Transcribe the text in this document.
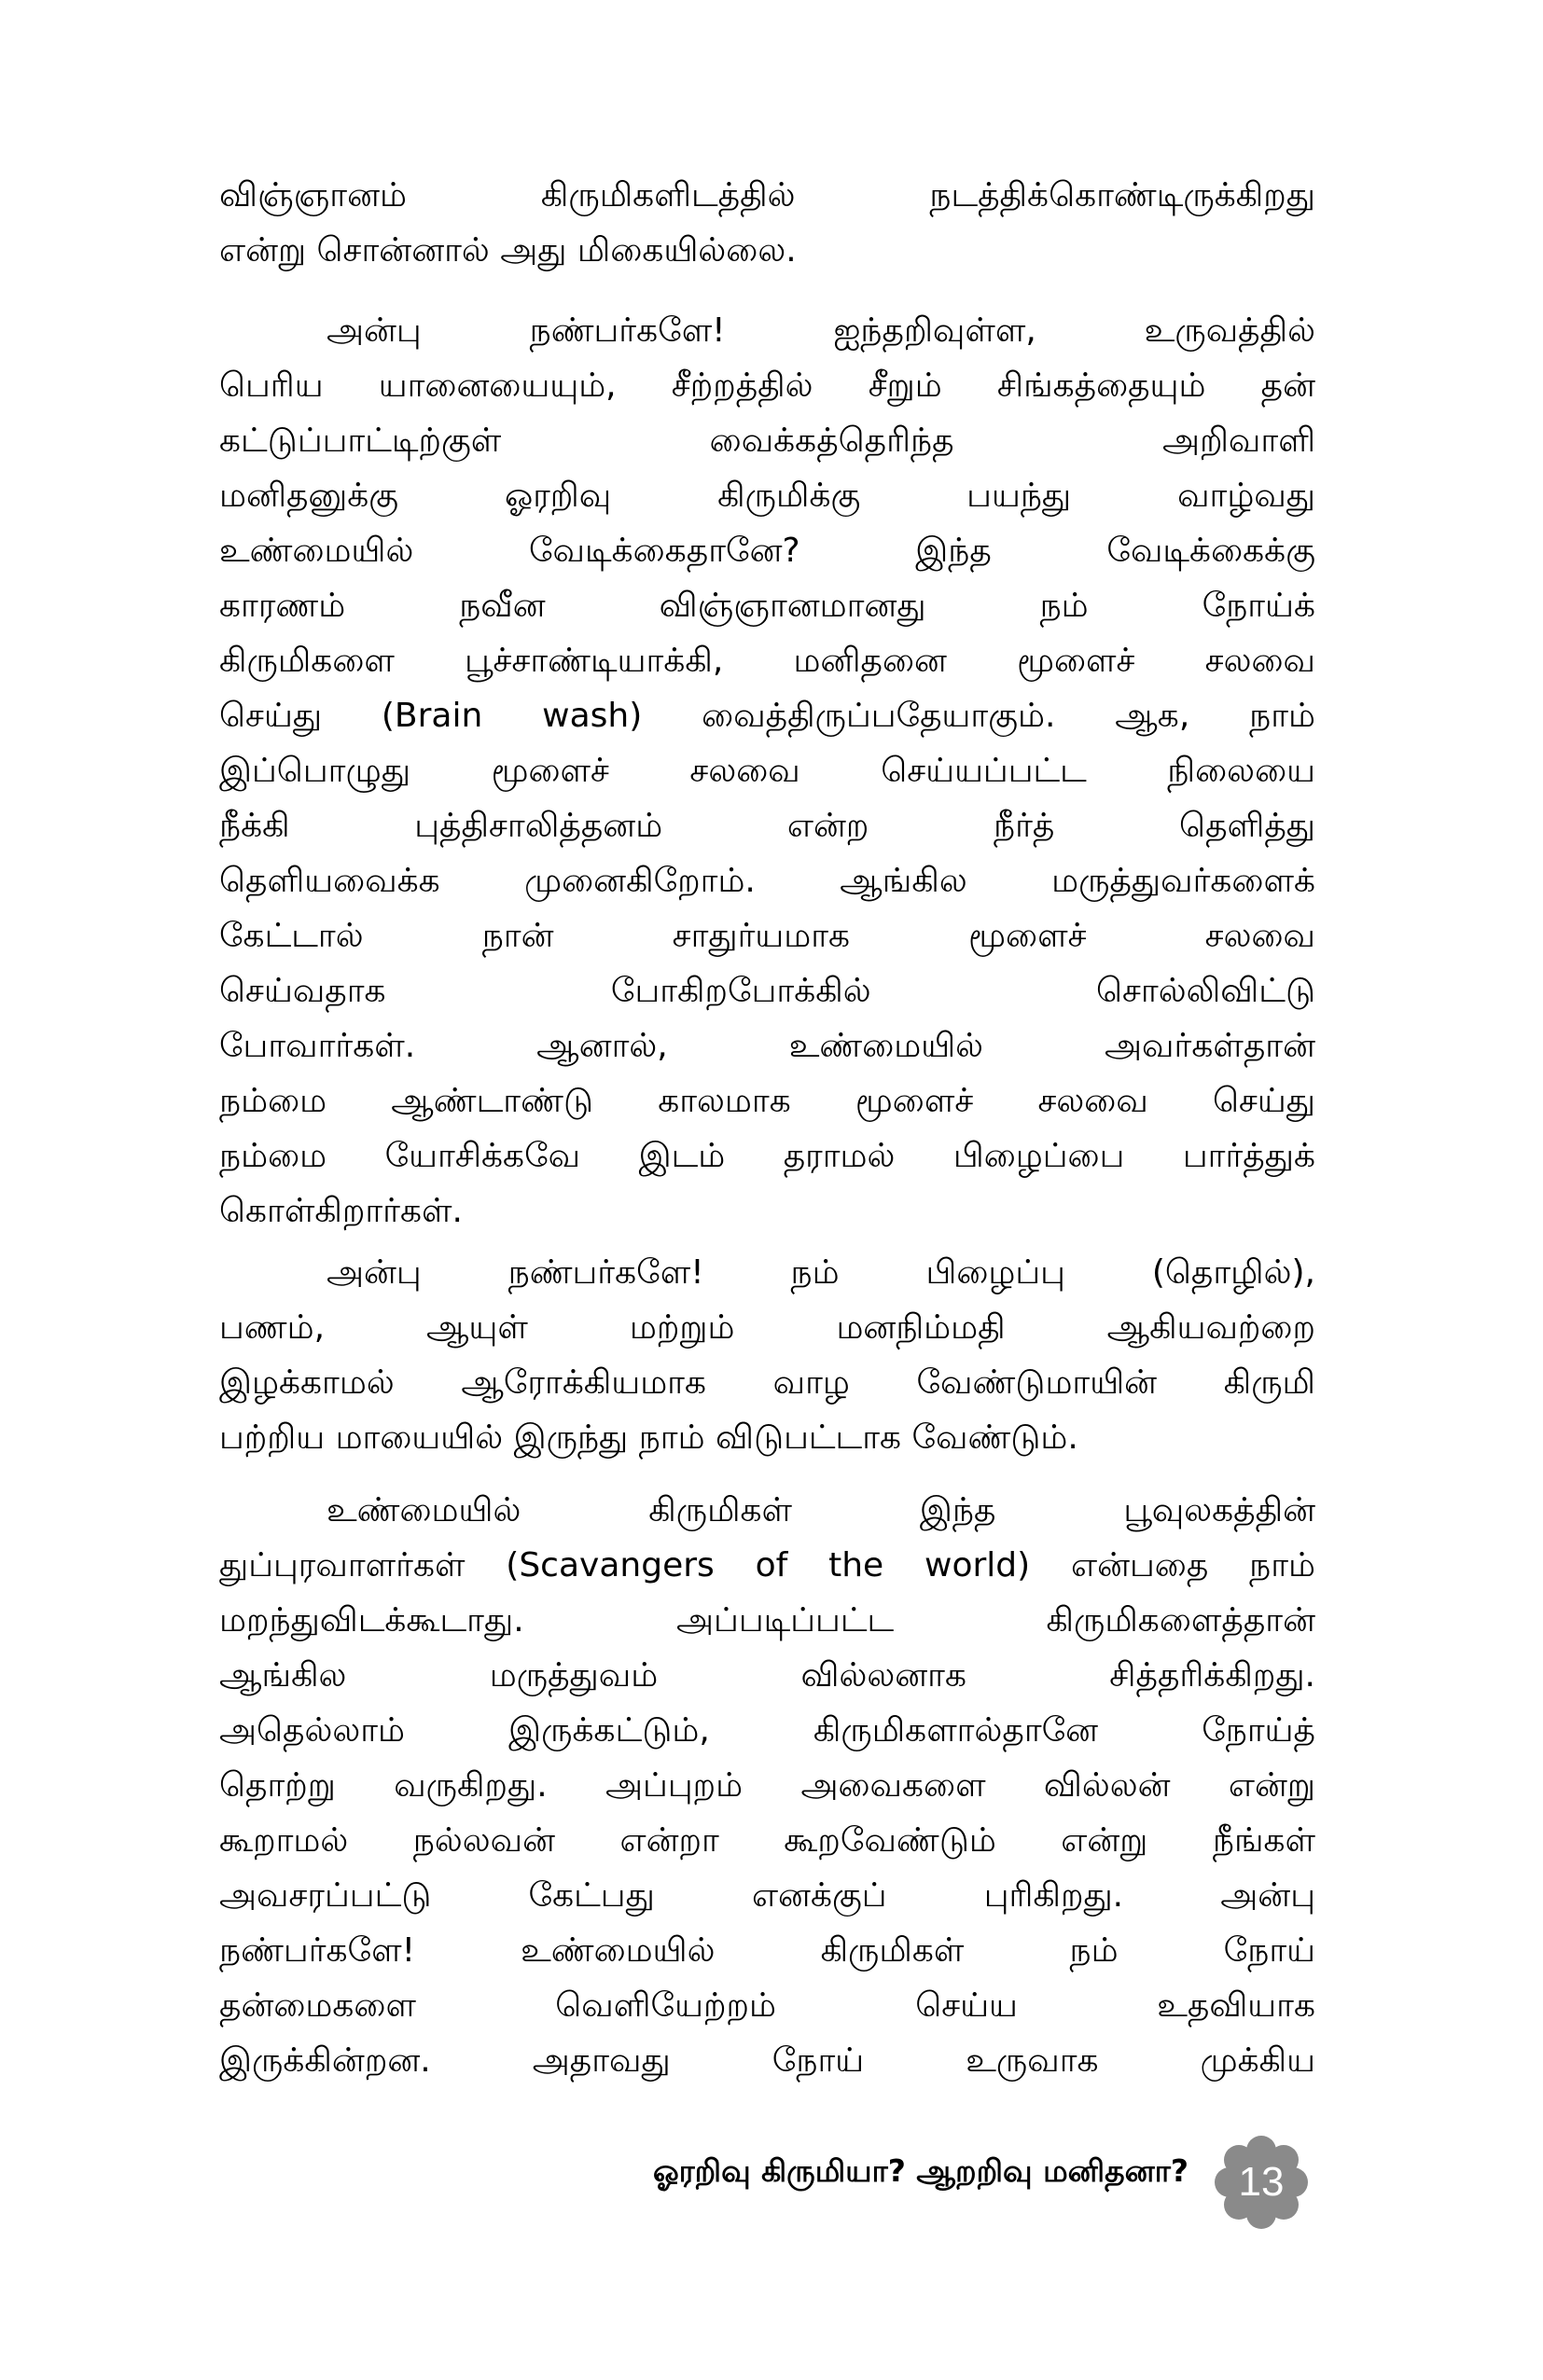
விஞ்ஞானம் கிருமிகளிடத்தில் நடத்திக்கொண்டிருக்கிறது
என்று சொன்னால் அது மிகையில்லை.
அன்பு நண்பர்களே! ஐந்தறிவுள்ள, உருவத்தில்
பெரிய யானையையும், சீற்றத்தில் சீறும் சிங்கத்தையும் தன்
கட்டுப்பாட்டிற்குள் வைக்கத்தெரிந்த அறிவாளி
மனிதனுக்கு ஓரறிவு கிருமிக்கு பயந்து வாழ்வது
உண்மையில் வேடிக்கைதானே? இந்த வேடிக்கைக்கு
காரணம் நவீன விஞ்ஞானமானது நம் நோய்க்
கிருமிகளை பூச்சாண்டியாக்கி, மனிதனை மூளைச் சலவை
செய்து (Brain wash) வைத்திருப்பதேயாகும். ஆக, நாம்
இப்பொழுது மூளைச் சலவை செய்யப்பட்ட நிலையை
நீக்கி புத்திசாலித்தனம் என்ற நீர்த் தெளித்து
தெளியவைக்க முனைகிறோம். ஆங்கில மருத்துவர்களைக்
கேட்டால் நான் சாதுர்யமாக மூளைச் சலவை
செய்வதாக போகிறபோக்கில் சொல்லிவிட்டு
போவார்கள். ஆனால், உண்மையில் அவர்கள்தான்
நம்மை ஆண்டாண்டு காலமாக மூளைச் சலவை செய்து
நம்மை யோசிக்கவே இடம் தராமல் பிழைப்பை பார்த்துக்
கொள்கிறார்கள்.
அன்பு நண்பர்களே! நம் பிழைப்பு (தொழில்),
பணம், ஆயுள் மற்றும் மனநிம்மதி ஆகியவற்றை
இழக்காமல் ஆரோக்கியமாக வாழ வேண்டுமாயின் கிருமி
பற்றிய மாயையில் இருந்து நாம் விடுபட்டாக வேண்டும்.
உண்மையில் கிருமிகள் இந்த பூவுலகத்தின்
துப்புரவாளர்கள் (Scavangers of the world) என்பதை நாம்
மறந்துவிடக்கூடாது. அப்படிப்பட்ட கிருமிகளைத்தான்
ஆங்கில மருத்துவம் வில்லனாக சித்தரிக்கிறது.
அதெல்லாம் இருக்கட்டும், கிருமிகளால்தானே நோய்த்
தொற்று வருகிறது. அப்புறம் அவைகளை வில்லன் என்று
கூறாமல் நல்லவன் என்றா கூறவேண்டும் என்று நீங்கள்
அவசரப்பட்டு கேட்பது எனக்குப் புரிகிறது. அன்பு
நண்பர்களே! உண்மையில் கிருமிகள் நம் நோய்
தன்மைகளை வெளியேற்றம் செய்ய உதவியாக
இருக்கின்றன. அதாவது நோய் உருவாக முக்கிய
ஓரறிவு கிருமியா? ஆறறிவு மனிதனா?	13
